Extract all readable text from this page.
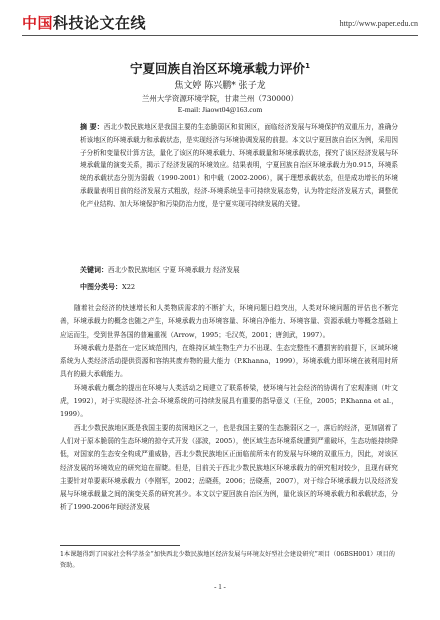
中国科技论文在线	http://www.paper.edu.cn
宁夏回族自治区环境承载力评价$^1$
焦文婷 陈兴鹏* 张子龙
兰州大学资源环境学院，甘肃兰州（730000）
E-mail: Jiaowt04@163.com
摘 要：西北少数民族地区是我国主要的生态脆弱区和贫困区，面临经济发展与环境保护的双重压力，准确分析该地区的环境承载力和承载状态，是实现经济与环境协调发展的前提。本文以宁夏回族自治区为例，采用因子分析和变量权计算方法，量化了该区的环境承载力、环境承载量和环境承载状态，探究了该区经济发展与环境承载量的演变关系，揭示了经济发展的环境效应。结果表明，宁夏回族自治区环境承载力为0.915，环境系统的承载状态分别为弱载（1990-2001）和中载（2002-2006），属于理想承载状态，但是成功增长的环境承载量表明目前的经济发展方式粗放，经济-环境系统呈非可持续发展态势，认为特定经济发展方式，调整优化产业结构、加大环境保护和污染防治力度，是宁夏实现可持续发展的关键。
关键词：西北少数民族地区 宁夏 环境承载力 经济发展
中图分类号：X22

随着社会经济的快速增长和人类物质需求的不断扩大，环境问题日趋突出，人类对环境问题的评估也不断完善，环境承载力的概念也随之产生，环境承载力由环境容量、环境自净能力、环境容量、资源承载力等概念基础上应运而生，受到世界各国的普遍重视（Arrow，1995；毛汉英，2001；唐剑武，1997）。

环境承载力是指在一定区域范围内，在维持区域生物生产力不出现、生态完整性不遭损害的前提下，区域环境系统为人类经济活动提供资源和容纳其废弃物的最大能力（P.Khanna，1999），环境承载力即环境在被利用时所具有的最大承载能力。

环境承载力概念的提出在环境与人类活动之间建立了联系桥梁，使环境与社会经济的协调有了宏观准则（叶文虎，1992），对于实现经济-社会-环境系统的可持续发展具有重要的指导意义（王俭，2005；P.Khanna et al.，1999）。

西北少数民族地区既是我国主要的贫困地区之一，也是我国主要的生态脆弱区之一，落后的经济，更加剧着了人们对于原本脆弱的生态环境的掠夺式开发（邵波，2005），使区域生态环境系统遭到严重破坏，生态功能持续降低，对国家的生态安全构成严重威胁，西北少数民族地区正面临前所未有的发展与环境的双重压力，因此，对该区经济发展的环境效应的研究迫在眉睫。但是，目前关于西北少数民族地区环境承载力的研究相对较少，且现有研究主要针对单要素环境承载力（李刚军，2002；岳晓燕，2006；岳晓燕，2007），对于综合环境承载力以及经济发展与环境承载量之间的演变关系的研究甚少。本文以宁夏回族自治区为例，量化该区的环境承载力和承载状态，分析了1990-2006年间经济发展

1本课题得到了国家社会科学基金“加快西北少数民族地区经济发展与环境友好型社会建设研究”项目（06BSH001）项目的资助。
- 1 -
